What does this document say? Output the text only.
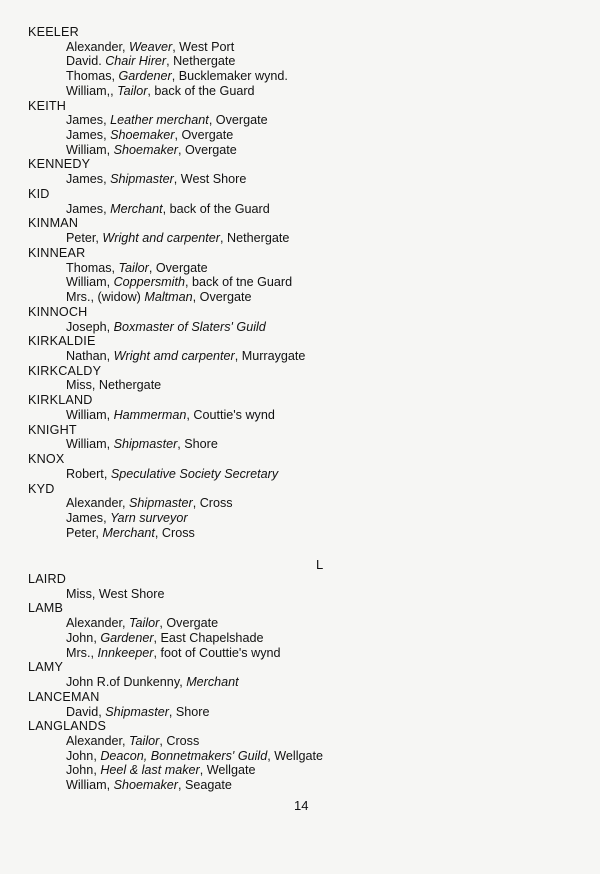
KEELER
Alexander, Weaver, West Port
David. Chair Hirer, Nethergate
Thomas, Gardener, Bucklemaker wynd.
William,, Tailor, back of the Guard
KEITH
James, Leather merchant, Overgate
James, Shoemaker, Overgate
William, Shoemaker, Overgate
KENNEDY
James, Shipmaster, West Shore
KID
James, Merchant, back of the Guard
KINMAN
Peter, Wright and carpenter, Nethergate
KINNEAR
Thomas, Tailor, Overgate
William, Coppersmith, back of tne Guard
Mrs., (widow) Maltman, Overgate
KINNOCH
Joseph, Boxmaster of Slaters' Guild
KIRKALDIE
Nathan, Wright amd carpenter, Murraygate
KIRKCALDY
Miss, Nethergate
KIRKLAND
William, Hammerman, Couttie's wynd
KNIGHT
William, Shipmaster, Shore
KNOX
Robert, Speculative Society Secretary
KYD
Alexander, Shipmaster, Cross
James, Yarn surveyor
Peter, Merchant, Cross
L
LAIRD
Miss, West Shore
LAMB
Alexander, Tailor, Overgate
John, Gardener, East Chapelshade
Mrs., Innkeeper, foot of Couttie's wynd
LAMY
John R.of Dunkenny, Merchant
LANCEMAN
David, Shipmaster, Shore
LANGLANDS
Alexander, Tailor, Cross
John, Deacon, Bonnetmakers' Guild, Wellgate
John, Heel & last maker, Wellgate
William, Shoemaker, Seagate
14
